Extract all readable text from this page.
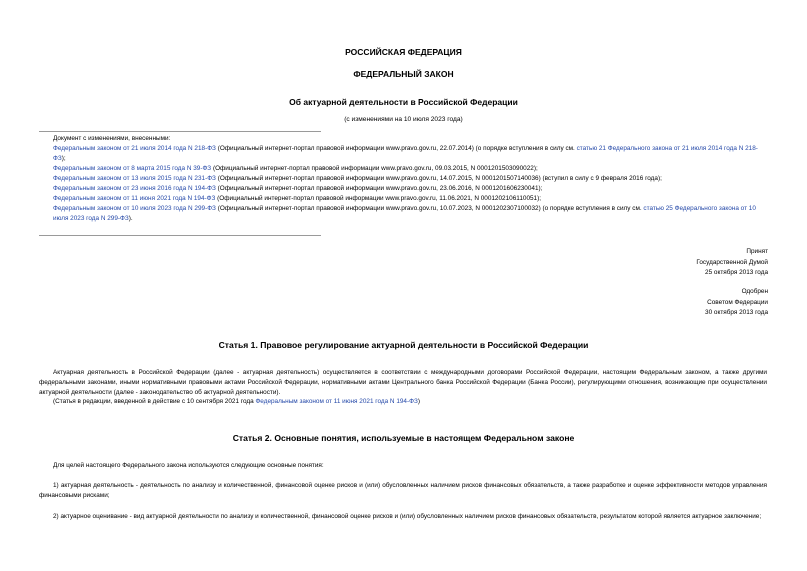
РОССИЙСКАЯ ФЕДЕРАЦИЯ
ФЕДЕРАЛЬНЫЙ ЗАКОН
Об актуарной деятельности в Российской Федерации
(с изменениями на 10 июля 2023 года)
Документ с изменениями, внесенными:
Федеральным законом от 21 июля 2014 года N 218-ФЗ (Официальный интернет-портал правовой информации www.pravo.gov.ru, 22.07.2014) (о порядке вступления в силу см. статью 21 Федерального закона от 21 июля 2014 года N 218-ФЗ);
Федеральным законом от 8 марта 2015 года N 39-ФЗ (Официальный интернет-портал правовой информации www.pravo.gov.ru, 09.03.2015, N 0001201503090022);
Федеральным законом от 13 июля 2015 года N 231-ФЗ (Официальный интернет-портал правовой информации www.pravo.gov.ru, 14.07.2015, N 0001201507140036) (вступил в силу с 9 февраля 2016 года);
Федеральным законом от 23 июня 2016 года N 194-ФЗ (Официальный интернет-портал правовой информации www.pravo.gov.ru, 23.06.2016, N 0001201606230041);
Федеральным законом от 11 июня 2021 года N 194-ФЗ (Официальный интернет-портал правовой информации www.pravo.gov.ru, 11.06.2021, N 0001202106110051);
Федеральным законом от 10 июля 2023 года N 299-ФЗ (Официальный интернет-портал правовой информации www.pravo.gov.ru, 10.07.2023, N 0001202307100032) (о порядке вступления в силу см. статью 25 Федерального закона от 10 июля 2023 года N 299-ФЗ).
Принят
Государственной Думой
25 октября 2013 года
Одобрен
Советом Федерации
30 октября 2013 года
Статья 1. Правовое регулирование актуарной деятельности в Российской Федерации
Актуарная деятельность в Российской Федерации (далее - актуарная деятельность) осуществляется в соответствии с международными договорами Российской Федерации, настоящим Федеральным законом, а также другими федеральными законами, иными нормативными правовыми актами Российской Федерации, нормативными актами Центрального банка Российской Федерации (Банка России), регулирующими отношения, возникающие при осуществлении актуарной деятельности (далее - законодательство об актуарной деятельности).
(Статья в редакции, введенной в действие с 10 сентября 2021 года Федеральным законом от 11 июня 2021 года N 194-ФЗ)
Статья 2. Основные понятия, используемые в настоящем Федеральном законе
Для целей настоящего Федерального закона используются следующие основные понятия:
1) актуарная деятельность - деятельность по анализу и количественной, финансовой оценке рисков и (или) обусловленных наличием рисков финансовых обязательств, а также разработке и оценке эффективности методов управления финансовыми рисками;
2) актуарное оценивание - вид актуарной деятельности по анализу и количественной, финансовой оценке рисков и (или) обусловленных наличием рисков финансовых обязательств, результатом которой является актуарное заключение;
